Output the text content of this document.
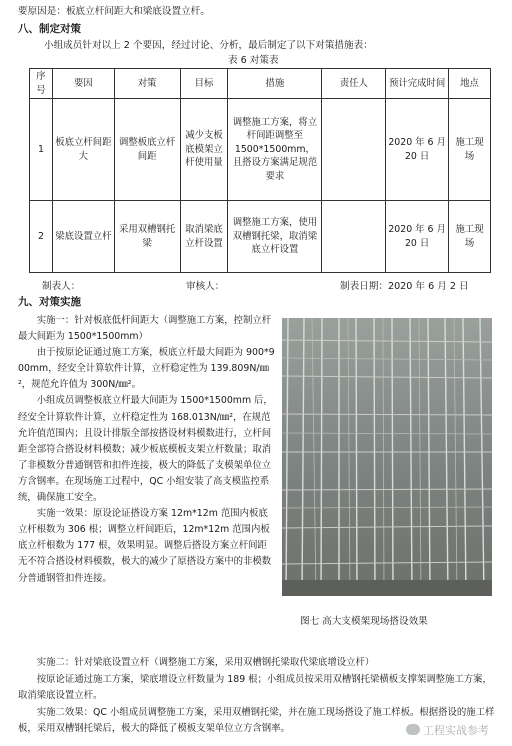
要原因是：板底立杆间距大和梁底设置立杆。
八、制定对策
小组成员针对以上 2 个要因，经过讨论、分析，最后制定了以下对策措施表：
表 6 对策表
序号	要因	对策	目标	措施	责任人	预计完成时间	地点
1	板底立杆间距大	调整板底立杆间距	减少支板底模架立杆使用量	调整施工方案，将立杆间距调整至 1500*1500mm，且搭设方案满足规范要求		2020 年 6 月 20 日	施工现场
2	梁底设置立杆	采用双槽钢托梁	取消梁底立杆设置	调整施工方案，使用双槽钢托梁，取消梁底立杆设置		2020 年 6 月 20 日	施工现场
制表人：	审核人：	制表日期：2020 年 6 月 2 日
九、对策实施

实施一：针对板底低杆间距大（调整施工方案，控制立杆最大间距为 1500*1500mm）

由于按原论证通过施工方案，板底立杆最大间距为 900*900mm，经安全计算软件计算，立杆稳定性为 139.809N/㎜²，规范允许值为 300N/㎜²。

小组成员调整板底立杆最大间距为 1500*1500mm 后，经安全计算软件计算，立杆稳定性为 168.013N/㎜²，在规范允许值范围内；且设计排版全部按搭设材料模数进行，立杆间距全部符合搭设材料模数；减少板底模板支架立杆数量；取消了非模数分普通钢管和扣件连接，极大的降低了支模架单位立方含钢率。在现场施工过程中，QC 小组安装了高支模监控系统，确保施工安全。

实施一效果：原设论证搭设方案 12m*12m 范围内板底立杆根数为 306 根；调整立杆间距后，12m*12m 范围内板底立杆根数为 177 根，效果明显。调整后搭设方案立杆间距无不符合搭设材料模数，极大的减少了原搭设方案中的非模数分普通钢管扣件连接。

图七 高大支模架现场搭设效果

实施二：针对梁底设置立杆（调整施工方案，采用双槽钢托梁取代梁底增设立杆）

按原论证通过施工方案，梁底增设立杆数量为 189 根；小组成员按采用双槽钢托梁横板支撑架调整施工方案，取消梁底设置立杆。

实施二效果：QC 小组成员调整施工方案，采用双槽钢托梁，并在施工现场搭设了施工样板。根据搭设的施工样板，采用双槽钢托梁后，极大的降低了模板支架单位立方含钢率。	工程实战参考
